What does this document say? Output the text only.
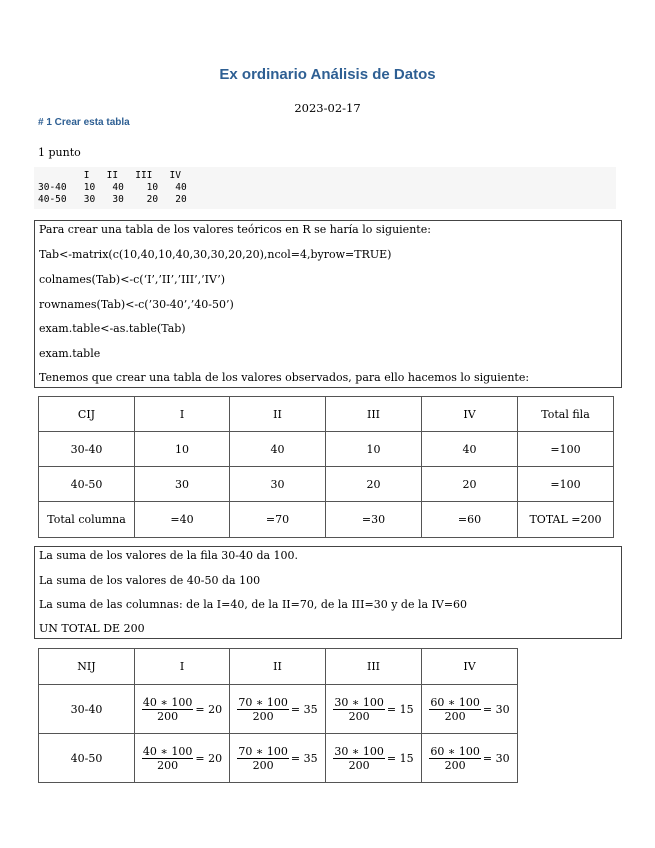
Ex ordinario Análisis de Datos
2023-02-17
# 1 Crear esta tabla
1 punto
I   II   III   IV
30-40   10   40    10   40
40-50   30   30    20   20
Para crear una tabla de los valores teóricos en R se haría lo siguiente:
Tab<-matrix(c(10,40,10,40,30,30,20,20),ncol=4,byrow=TRUE)
colnames(Tab)<-c(‘I’,’II’,’III’,’IV’)
rownames(Tab)<-c(’30-40’,’40-50’)
exam.table<-as.table(Tab)
exam.table
Tenemos que crear una tabla de los valores observados, para ello hacemos lo siguiente:
CIJ	I	II	III	IV	Total fila
30-40	10	40	10	40	=100
40-50	30	30	20	20	=100
Total columna	=40	=70	=30	=60	TOTAL =200
La suma de los valores de la fila 30-40 da 100.
La suma de los valores de 40-50 da 100
La suma de las columnas: de la I=40, de la II=70, de la III=30 y de la IV=60
UN TOTAL DE 200
NIJ	I	II	III	IV
30-40	$\frac{40 ∗ 100}{200} = 20$	$\frac{70 ∗ 100}{200} = 35$	$\frac{30 ∗ 100}{200} = 15$	$\frac{60 ∗ 100}{200} = 30$
40-50	$\frac{40 ∗ 100}{200} = 20$	$\frac{70 ∗ 100}{200} = 35$	$\frac{30 ∗ 100}{200} = 15$	$\frac{60 ∗ 100}{200} = 30$
